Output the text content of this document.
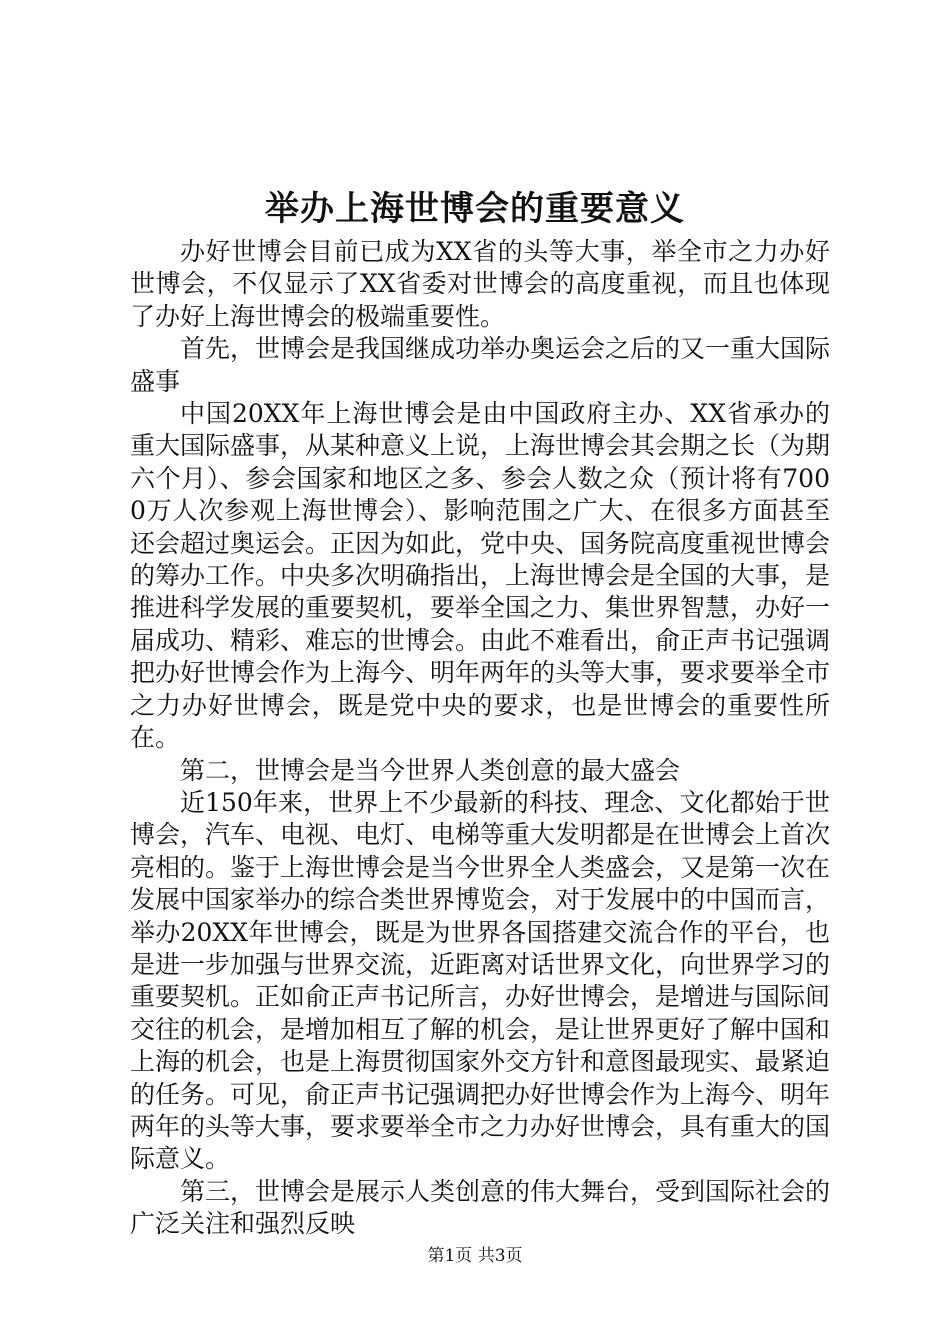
举办上海世博会的重要意义

办好世博会目前已成为XX省的头等大事，举全市之力办好世博会，不仅显示了XX省委对世博会的高度重视，而且也体现了办好上海世博会的极端重要性。

首先，世博会是我国继成功举办奥运会之后的又一重大国际盛事

中国20XX年上海世博会是由中国政府主办、XX省承办的重大国际盛事，从某种意义上说，上海世博会其会期之长（为期六个月）、参会国家和地区之多、参会人数之众（预计将有7000万人次参观上海世博会）、影响范围之广大、在很多方面甚至还会超过奥运会。正因为如此，党中央、国务院高度重视世博会的筹办工作。中央多次明确指出，上海世博会是全国的大事，是推进科学发展的重要契机，要举全国之力、集世界智慧，办好一届成功、精彩、难忘的世博会。由此不难看出，俞正声书记强调把办好世博会作为上海今、明年两年的头等大事，要求要举全市之力办好世博会，既是党中央的要求，也是世博会的重要性所在。

第二，世博会是当今世界人类创意的最大盛会

近150年来，世界上不少最新的科技、理念、文化都始于世博会，汽车、电视、电灯、电梯等重大发明都是在世博会上首次亮相的。鉴于上海世博会是当今世界全人类盛会，又是第一次在发展中国家举办的综合类世界博览会，对于发展中的中国而言，举办20XX年世博会，既是为世界各国搭建交流合作的平台，也是进一步加强与世界交流，近距离对话世界文化，向世界学习的重要契机。正如俞正声书记所言，办好世博会，是增进与国际间交往的机会，是增加相互了解的机会，是让世界更好了解中国和上海的机会，也是上海贯彻国家外交方针和意图最现实、最紧迫的任务。可见，俞正声书记强调把办好世博会作为上海今、明年两年的头等大事，要求要举全市之力办好世博会，具有重大的国际意义。

第三，世博会是展示人类创意的伟大舞台，受到国际社会的广泛关注和强烈反映

第1页 共3页
